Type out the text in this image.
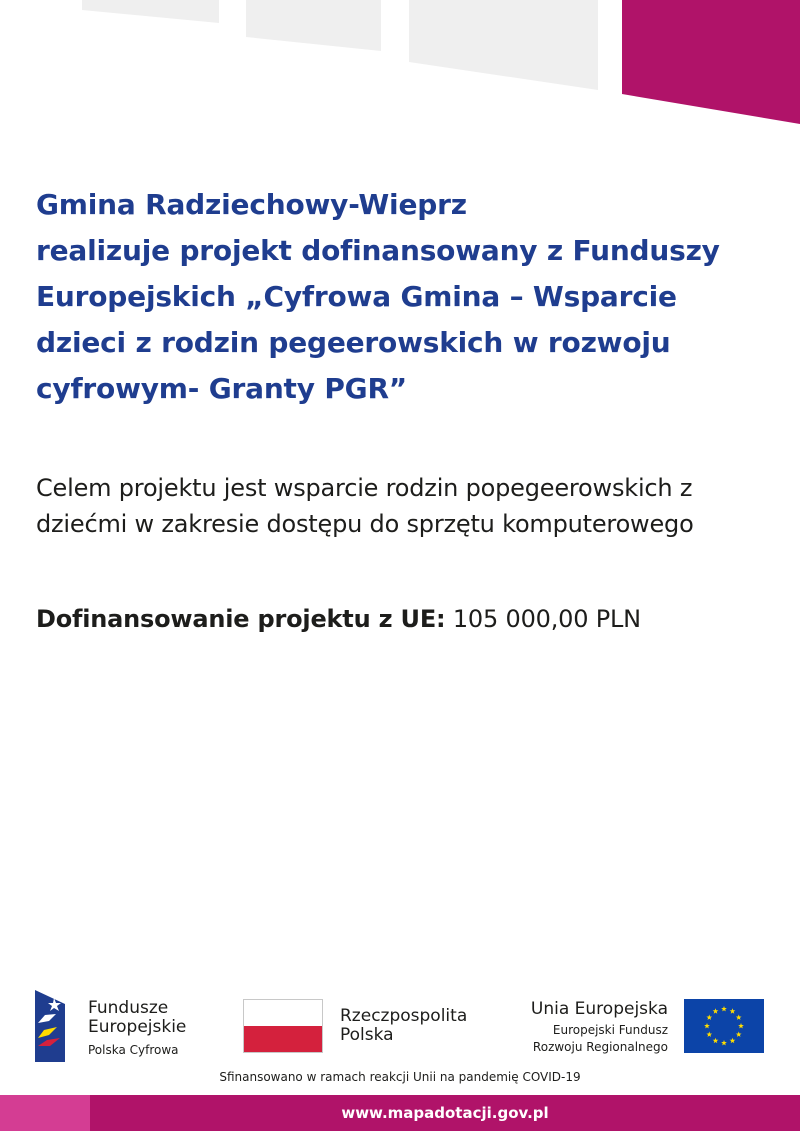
Gmina Radziechowy-Wieprz
realizuje projekt dofinansowany z Funduszy
Europejskich „Cyfrowa Gmina – Wsparcie
dzieci z rodzin pegeerowskich w rozwoju
cyfrowym- Granty PGR”

Celem projektu jest wsparcie rodzin popegeerowskich z
dziećmi w zakresie dostępu do sprzętu komputerowego

Dofinansowanie projektu z UE: 105 000,00 PLN

Fundusze
Europejskie
Polska Cyfrowa
Rzeczpospolita
Polska
Unia Europejska
Europejski Fundusz
Rozwoju Regionalnego
Sfinansowano w ramach reakcji Unii na pandemię COVID-19
www.mapadotacji.gov.pl
